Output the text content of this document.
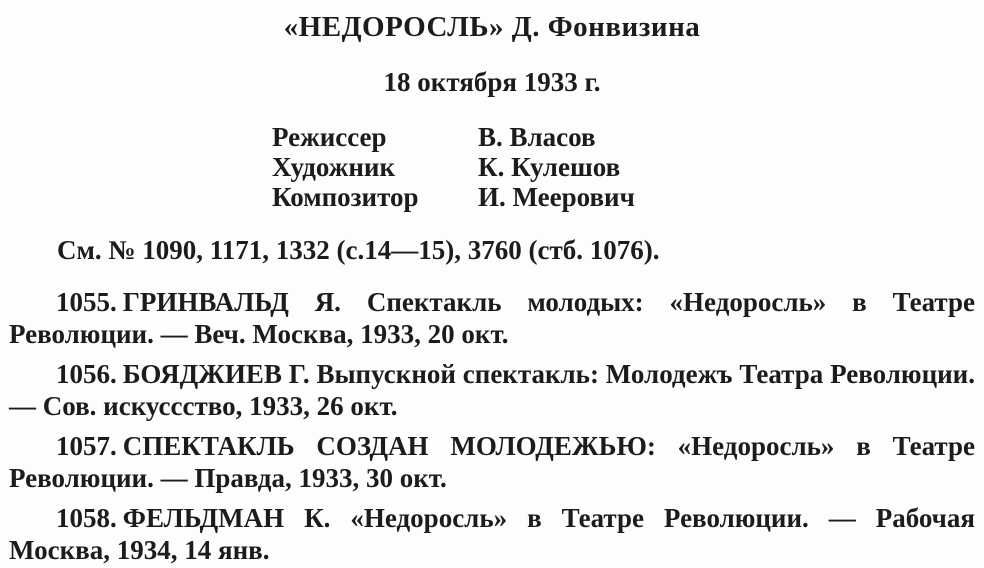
«НЕДОРОСЛЬ» Д. Фонвизина
18 октября 1933 г.
Режиссер	В. Власов
Художник	К. Кулешов
Композитор	И. Меерович
См. № 1090, 1171, 1332 (с.14—15), 3760 (стб. 1076).

1055. ГРИНВАЛЬД Я. Спектакль молодых: «Недоросль» в Театре Революции. — Веч. Москва, 1933, 20 окт.

1056. БОЯДЖИЕВ Г. Выпускной спектакль: Молодежъ Театра Революции. — Сов. искуссство, 1933, 26 окт.

1057. СПЕКТАКЛЬ СОЗДАН МОЛОДЕЖЬЮ: «Недоросль» в Театре Революции. — Правда, 1933, 30 окт.

1058. ФЕЛЬДМАН К. «Недоросль» в Театре Революции. — Рабочая Москва, 1934, 14 янв.
